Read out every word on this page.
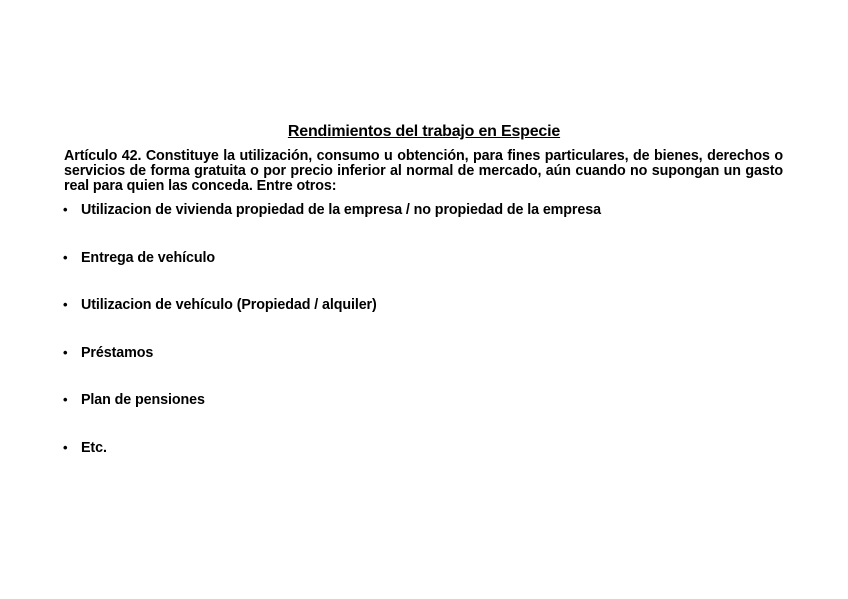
Rendimientos del trabajo en Especie
Artículo 42. Constituye la utilización, consumo u obtención, para fines particulares, de bienes, derechos o servicios de forma gratuita o por precio inferior al normal de mercado, aún cuando no supongan un gasto real para quien las conceda. Entre otros:
• Utilizacion de vivienda propiedad de la empresa / no propiedad de la empresa
• Entrega de vehículo
• Utilizacion de vehículo (Propiedad / alquiler)
• Préstamos
• Plan de pensiones
• Etc.
